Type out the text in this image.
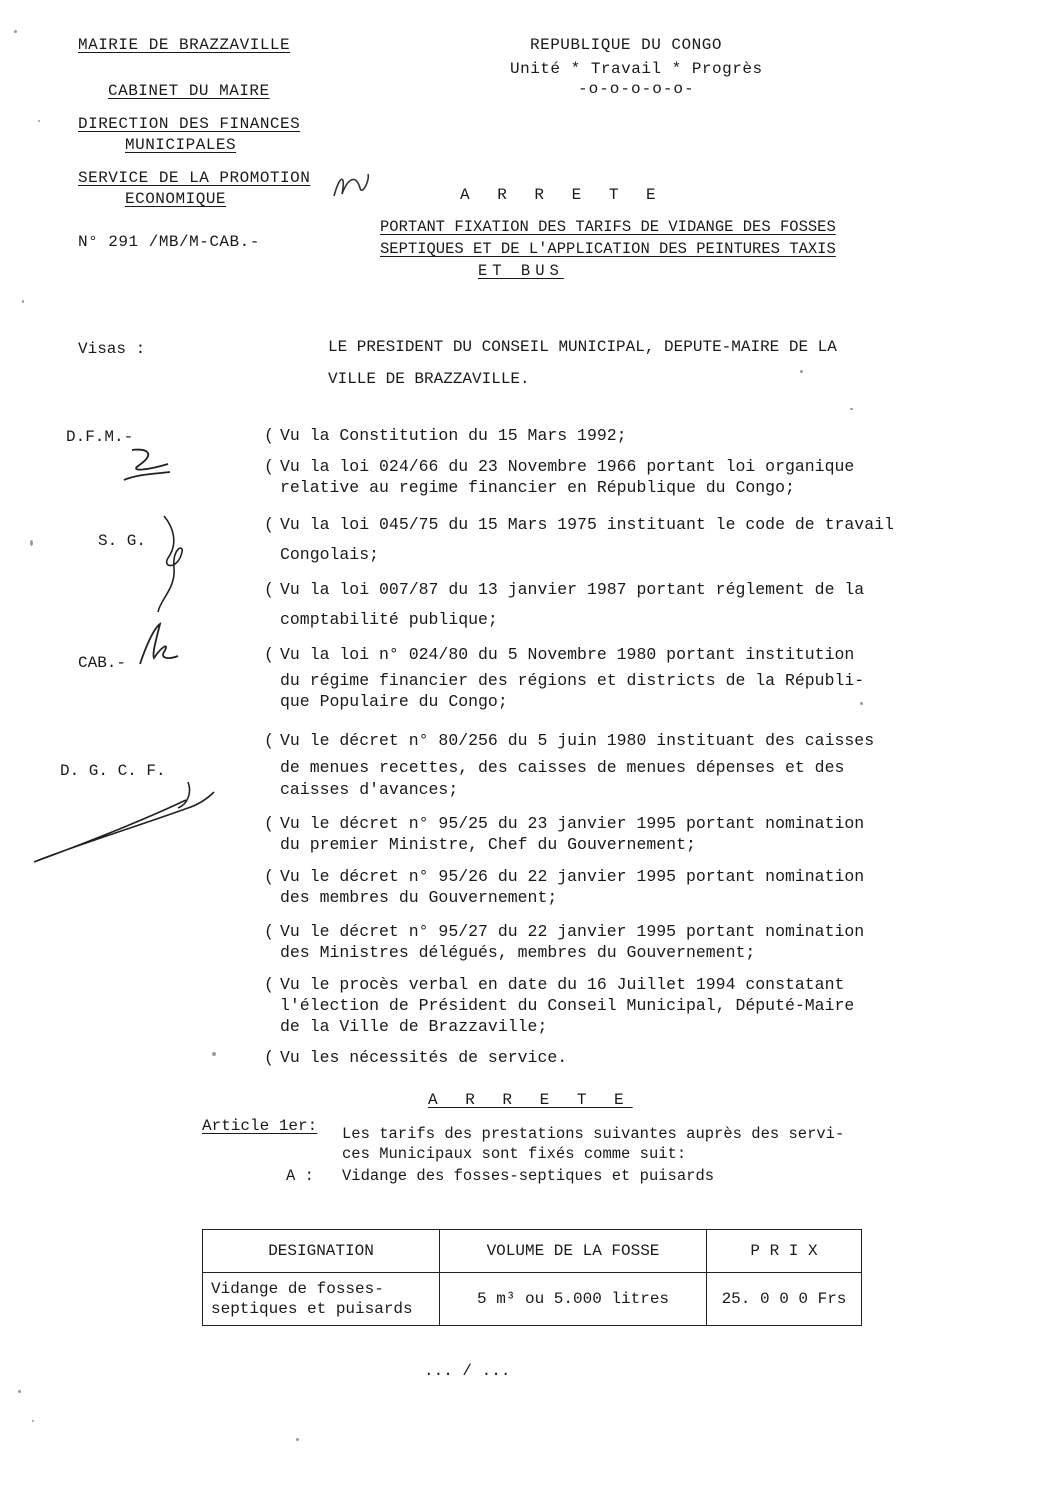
MAIRIE DE BRAZZAVILLE
CABINET DU MAIRE
DIRECTION DES FINANCES
MUNICIPALES
SERVICE DE LA PROMOTION
ECONOMIQUE
N° 291 /MB/M-CAB.-
REPUBLIQUE DU CONGO
Unité * Travail * Progrès
-o-o-o-o-o-
A R R E T E
PORTANT FIXATION DES TARIFS DE VIDANGE DES FOSSES
SEPTIQUES ET DE L'APPLICATION DES PEINTURES TAXIS
ET BUS
Visas :	LE PRESIDENT DU CONSEIL MUNICIPAL, DEPUTE-MAIRE DE LA
VILLE DE BRAZZAVILLE.
D.F.M.-
S. G.
CAB.-
D. G. C. F.
( Vu la Constitution du 15 Mars 1992;
( Vu la loi 024/66 du 23 Novembre 1966 portant loi organique
relative au regime financier en République du Congo;
( Vu la loi 045/75 du 15 Mars 1975 instituant le code de travail
Congolais;
( Vu la loi 007/87 du 13 janvier 1987 portant réglement de la
comptabilité publique;
( Vu la loi n° 024/80 du 5 Novembre 1980 portant institution
du régime financier des régions et districts de la Républi-
que Populaire du Congo;
( Vu le décret n° 80/256 du 5 juin 1980 instituant des caisses
de menues recettes, des caisses de menues dépenses et des
caisses d'avances;
( Vu le décret n° 95/25 du 23 janvier 1995 portant nomination
du premier Ministre, Chef du Gouvernement;
( Vu le décret n° 95/26 du 22 janvier 1995 portant nomination
des membres du Gouvernement;
( Vu le décret n° 95/27 du 22 janvier 1995 portant nomination
des Ministres délégués, membres du Gouvernement;
( Vu le procès verbal en date du 16 Juillet 1994 constatant
l'élection de Président du Conseil Municipal, Député-Maire
de la Ville de Brazzaville;
( Vu les nécessités de service.
A R R E T E
Article 1er: Les tarifs des prestations suivantes auprès des servi-
ces Municipaux sont fixés comme suit:
A : Vidange des fosses-septiques et puisards
DESIGNATION	VOLUME DE LA FOSSE	P R I X
Vidange de fosses-
septiques et puisards	5 m³ ou 5.000 litres	25. 0 0 0 Frs
... / ...
